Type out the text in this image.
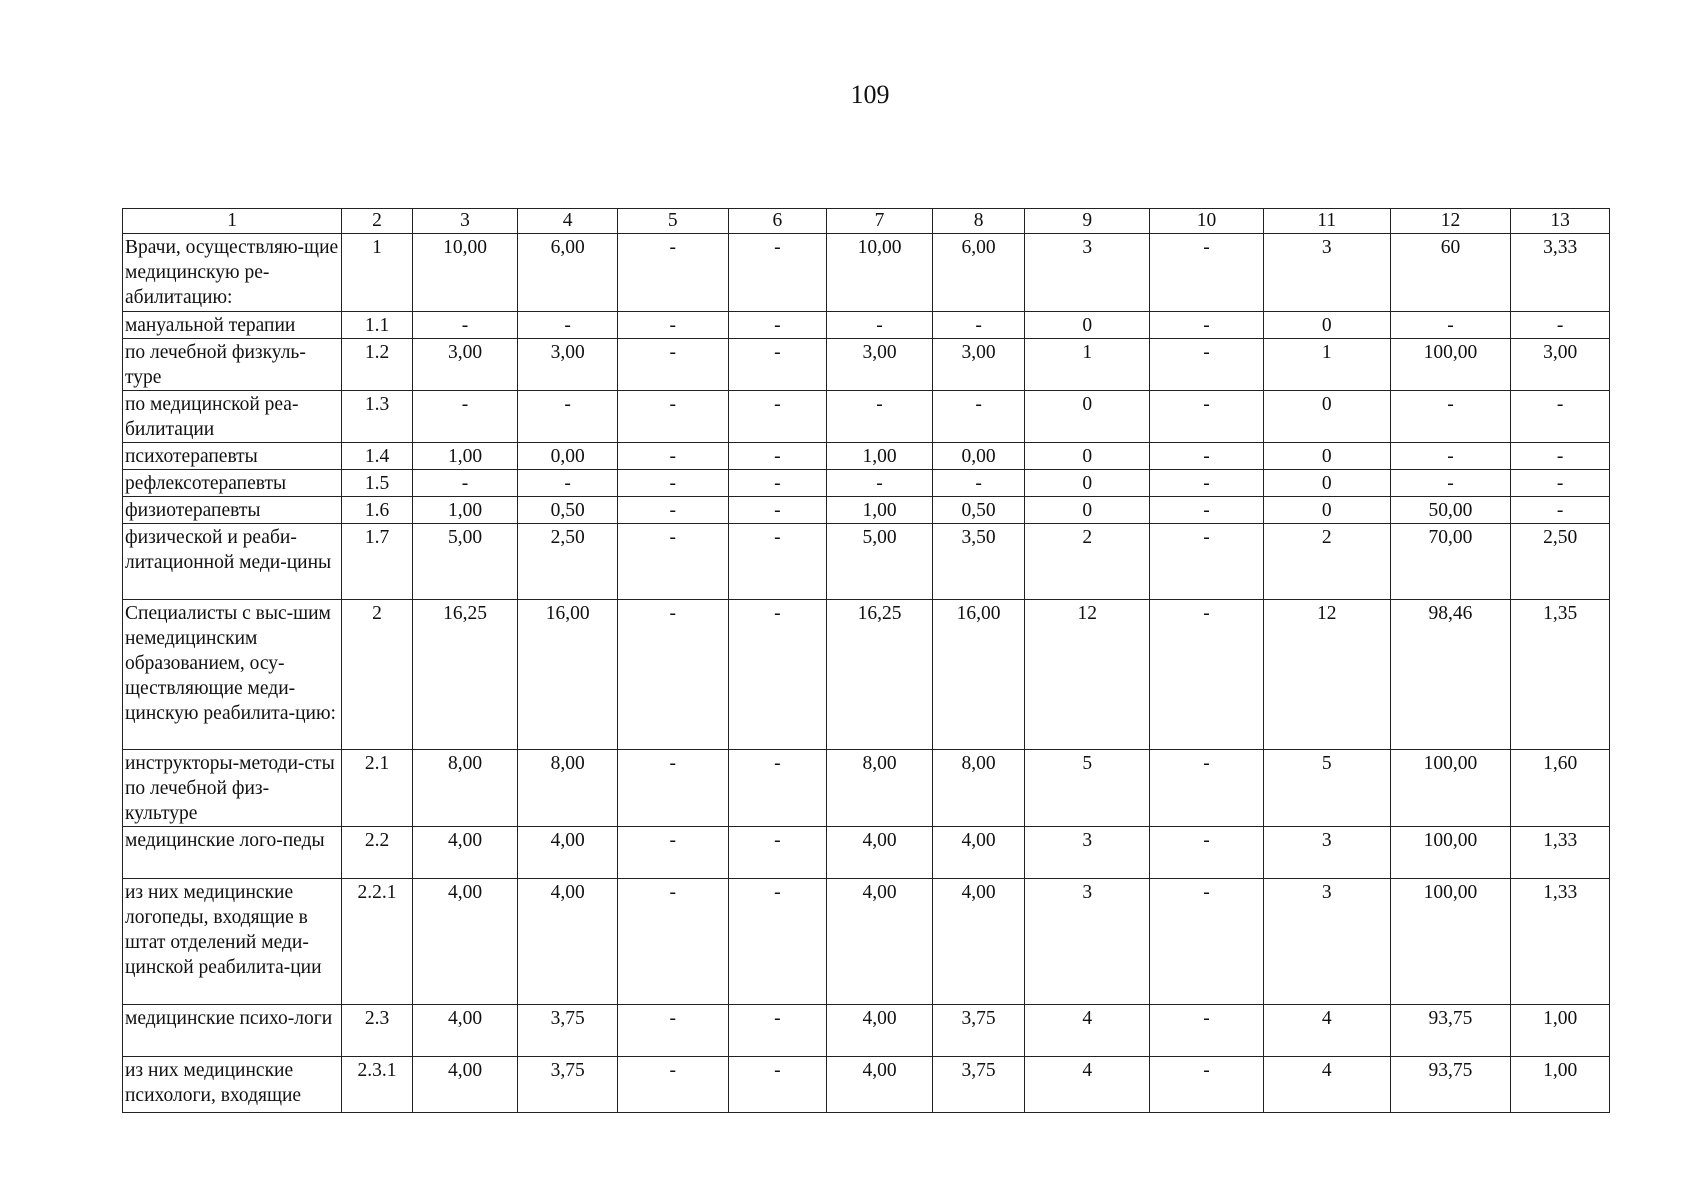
109
1	2	3	4	5	6	7	8	9	10	11	12	13
Врачи, осуществляю-щие медицинскую ре-абилитацию:	1	10,00	6,00	-	-	10,00	6,00	3	-	3	60	3,33
мануальной терапии	1.1	-	-	-	-	-	-	0	-	0	-	-
по лечебной физкуль-туре	1.2	3,00	3,00	-	-	3,00	3,00	1	-	1	100,00	3,00
по медицинской реа-билитации	1.3	-	-	-	-	-	-	0	-	0	-	-
психотерапевты	1.4	1,00	0,00	-	-	1,00	0,00	0	-	0	-	-
рефлексотерапевты	1.5	-	-	-	-	-	-	0	-	0	-	-
физиотерапевты	1.6	1,00	0,50	-	-	1,00	0,50	0	-	0	50,00	-
физической и реаби-литационной меди-цины	1.7	5,00	2,50	-	-	5,00	3,50	2	-	2	70,00	2,50
Специалисты с выс-шим немедицинским образованием, осу-ществляющие меди-цинскую реабилита-цию:	2	16,25	16,00	-	-	16,25	16,00	12	-	12	98,46	1,35
инструкторы-методи-сты по лечебной физ-культуре	2.1	8,00	8,00	-	-	8,00	8,00	5	-	5	100,00	1,60
медицинские лого-педы	2.2	4,00	4,00	-	-	4,00	4,00	3	-	3	100,00	1,33
из них медицинские логопеды, входящие в штат отделений меди-цинской реабилита-ции	2.2.1	4,00	4,00	-	-	4,00	4,00	3	-	3	100,00	1,33
медицинские психо-логи	2.3	4,00	3,75	-	-	4,00	3,75	4	-	4	93,75	1,00
из них медицинские психологи, входящие	2.3.1	4,00	3,75	-	-	4,00	3,75	4	-	4	93,75	1,00
